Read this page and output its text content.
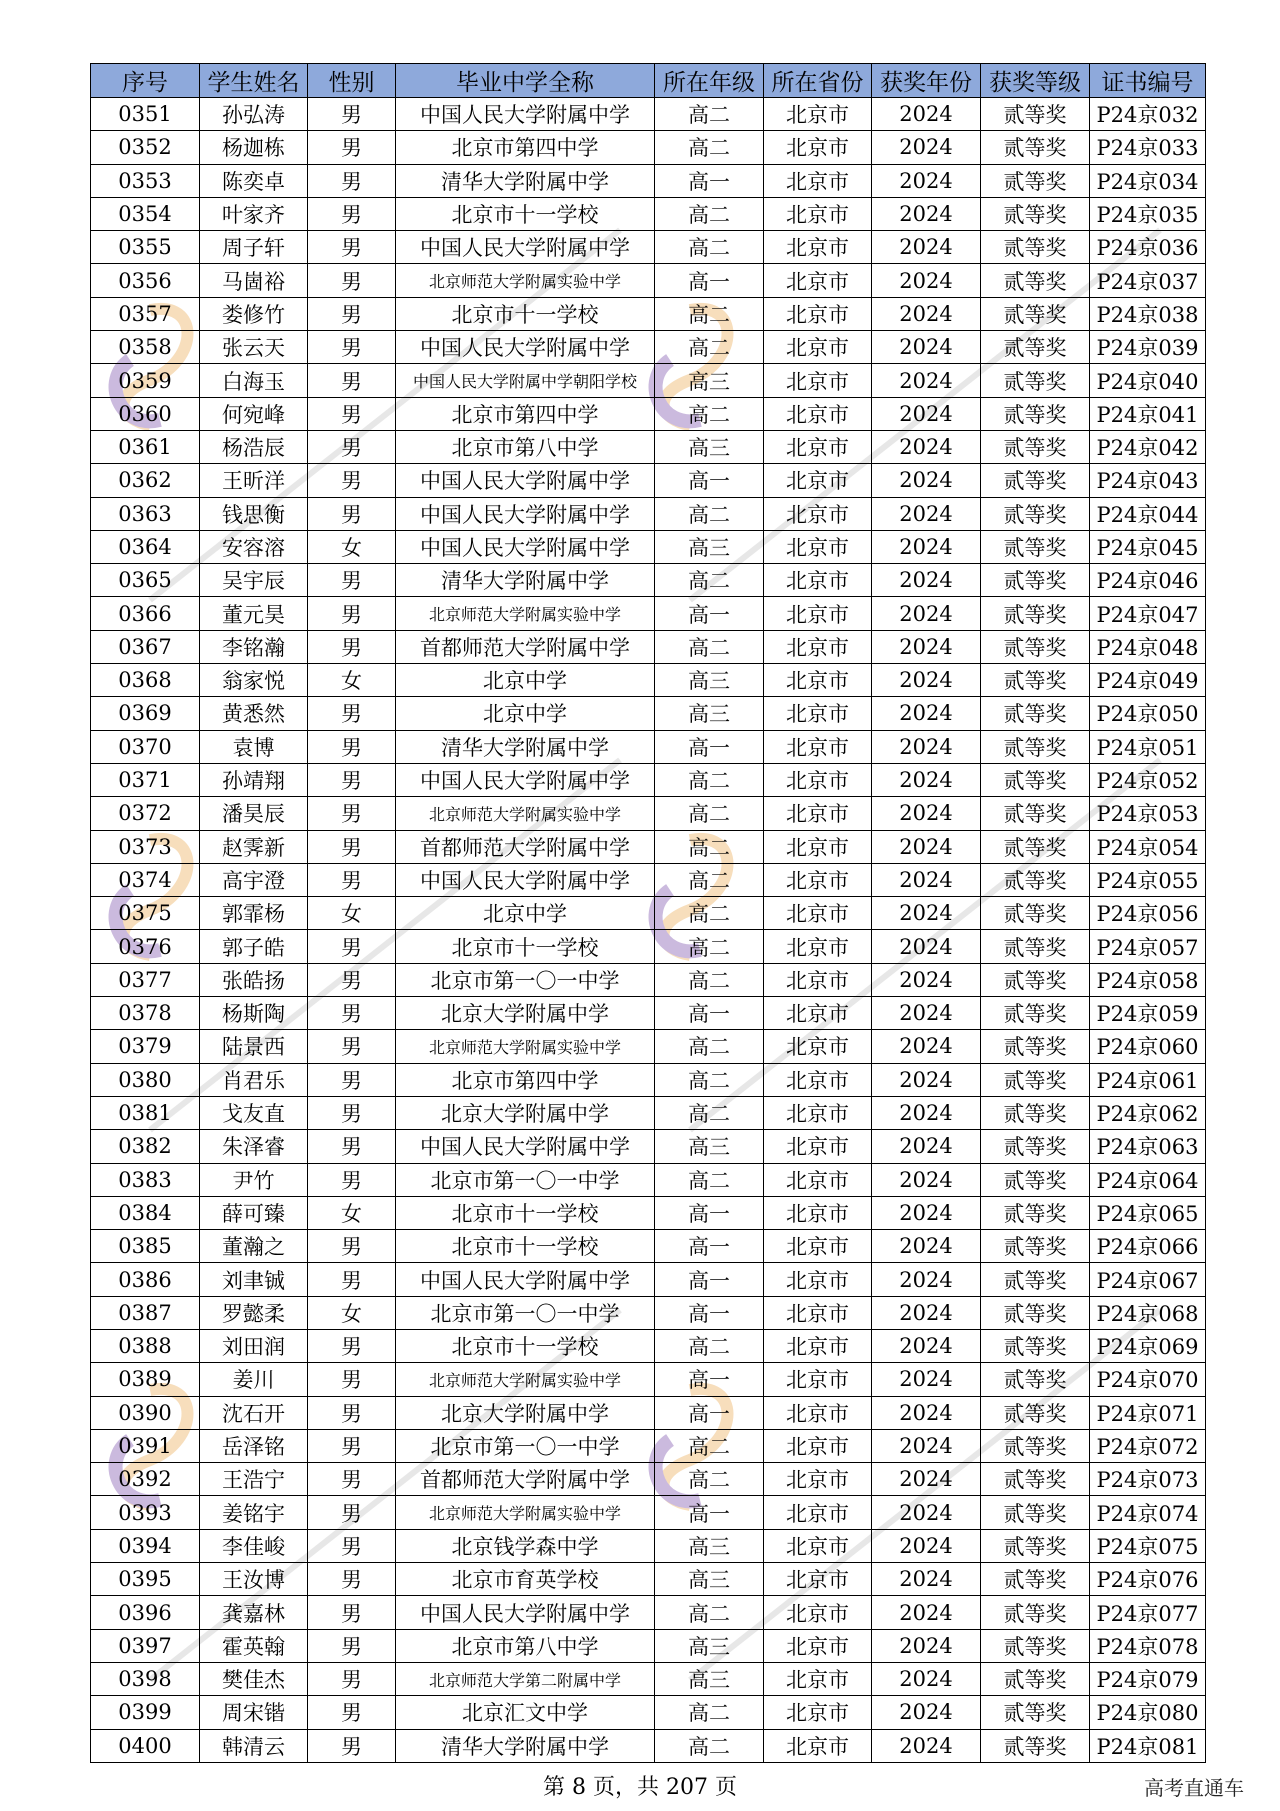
序号	学生姓名	性别	毕业中学全称	所在年级	所在省份	获奖年份	获奖等级	证书编号
0351	孙弘涛	男	中国人民大学附属中学	高二	北京市	2024	贰等奖	P24京032
0352	杨迦栋	男	北京市第四中学	高二	北京市	2024	贰等奖	P24京033
0353	陈奕卓	男	清华大学附属中学	高一	北京市	2024	贰等奖	P24京034
0354	叶家齐	男	北京市十一学校	高二	北京市	2024	贰等奖	P24京035
0355	周子轩	男	中国人民大学附属中学	高二	北京市	2024	贰等奖	P24京036
0356	马崮裕	男	北京师范大学附属实验中学	高一	北京市	2024	贰等奖	P24京037
0357	娄修竹	男	北京市十一学校	高二	北京市	2024	贰等奖	P24京038
0358	张云天	男	中国人民大学附属中学	高二	北京市	2024	贰等奖	P24京039
0359	白海玉	男	中国人民大学附属中学朝阳学校	高三	北京市	2024	贰等奖	P24京040
0360	何宛峰	男	北京市第四中学	高二	北京市	2024	贰等奖	P24京041
0361	杨浩辰	男	北京市第八中学	高三	北京市	2024	贰等奖	P24京042
0362	王昕洋	男	中国人民大学附属中学	高一	北京市	2024	贰等奖	P24京043
0363	钱思衡	男	中国人民大学附属中学	高二	北京市	2024	贰等奖	P24京044
0364	安容溶	女	中国人民大学附属中学	高三	北京市	2024	贰等奖	P24京045
0365	吴宇辰	男	清华大学附属中学	高二	北京市	2024	贰等奖	P24京046
0366	董元昊	男	北京师范大学附属实验中学	高一	北京市	2024	贰等奖	P24京047
0367	李铭瀚	男	首都师范大学附属中学	高二	北京市	2024	贰等奖	P24京048
0368	翁家悦	女	北京中学	高三	北京市	2024	贰等奖	P24京049
0369	黄悉然	男	北京中学	高三	北京市	2024	贰等奖	P24京050
0370	袁博	男	清华大学附属中学	高一	北京市	2024	贰等奖	P24京051
0371	孙靖翔	男	中国人民大学附属中学	高二	北京市	2024	贰等奖	P24京052
0372	潘昊辰	男	北京师范大学附属实验中学	高二	北京市	2024	贰等奖	P24京053
0373	赵霁新	男	首都师范大学附属中学	高二	北京市	2024	贰等奖	P24京054
0374	高宇澄	男	中国人民大学附属中学	高二	北京市	2024	贰等奖	P24京055
0375	郭霏杨	女	北京中学	高二	北京市	2024	贰等奖	P24京056
0376	郭子皓	男	北京市十一学校	高二	北京市	2024	贰等奖	P24京057
0377	张皓扬	男	北京市第一〇一中学	高二	北京市	2024	贰等奖	P24京058
0378	杨斯陶	男	北京大学附属中学	高一	北京市	2024	贰等奖	P24京059
0379	陆景西	男	北京师范大学附属实验中学	高二	北京市	2024	贰等奖	P24京060
0380	肖君乐	男	北京市第四中学	高二	北京市	2024	贰等奖	P24京061
0381	戈友直	男	北京大学附属中学	高二	北京市	2024	贰等奖	P24京062
0382	朱泽睿	男	中国人民大学附属中学	高三	北京市	2024	贰等奖	P24京063
0383	尹竹	男	北京市第一〇一中学	高二	北京市	2024	贰等奖	P24京064
0384	薛可臻	女	北京市十一学校	高一	北京市	2024	贰等奖	P24京065
0385	董瀚之	男	北京市十一学校	高一	北京市	2024	贰等奖	P24京066
0386	刘聿铖	男	中国人民大学附属中学	高一	北京市	2024	贰等奖	P24京067
0387	罗懿柔	女	北京市第一〇一中学	高一	北京市	2024	贰等奖	P24京068
0388	刘田润	男	北京市十一学校	高二	北京市	2024	贰等奖	P24京069
0389	姜川	男	北京师范大学附属实验中学	高一	北京市	2024	贰等奖	P24京070
0390	沈石开	男	北京大学附属中学	高一	北京市	2024	贰等奖	P24京071
0391	岳泽铭	男	北京市第一〇一中学	高二	北京市	2024	贰等奖	P24京072
0392	王浩宁	男	首都师范大学附属中学	高二	北京市	2024	贰等奖	P24京073
0393	姜铭宇	男	北京师范大学附属实验中学	高一	北京市	2024	贰等奖	P24京074
0394	李佳峻	男	北京钱学森中学	高三	北京市	2024	贰等奖	P24京075
0395	王汝博	男	北京市育英学校	高三	北京市	2024	贰等奖	P24京076
0396	龚嘉林	男	中国人民大学附属中学	高二	北京市	2024	贰等奖	P24京077
0397	霍英翰	男	北京市第八中学	高三	北京市	2024	贰等奖	P24京078
0398	樊佳杰	男	北京师范大学第二附属中学	高三	北京市	2024	贰等奖	P24京079
0399	周宋锴	男	北京汇文中学	高二	北京市	2024	贰等奖	P24京080
0400	韩清云	男	清华大学附属中学	高二	北京市	2024	贰等奖	P24京081
第 8 页，共 207 页	高考直通车
